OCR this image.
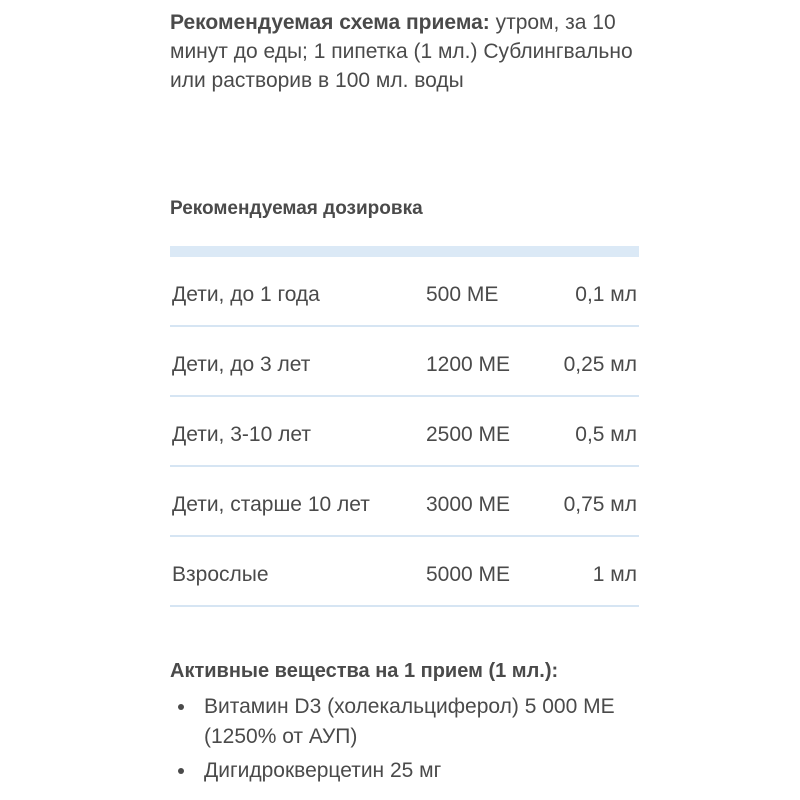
Рекомендуемая схема приема: утром, за 10 минут до еды; 1 пипетка (1 мл.) Сублингвально или растворив в 100 мл. воды

Рекомендуемая дозировка
Дети, до 1 года	500 МЕ	0,1 мл
Дети, до 3 лет	1200 МЕ	0,25 мл
Дети, 3-10 лет	2500 МЕ	0,5 мл
Дети, старше 10 лет	3000 МЕ	0,75 мл
Взрослые	5000 МЕ	1 мл
Активные вещества на 1 прием (1 мл.):
Витамин D3 (холекальциферол) 5 000 МЕ (1250% от АУП)
Дигидрокверцетин 25 мг
